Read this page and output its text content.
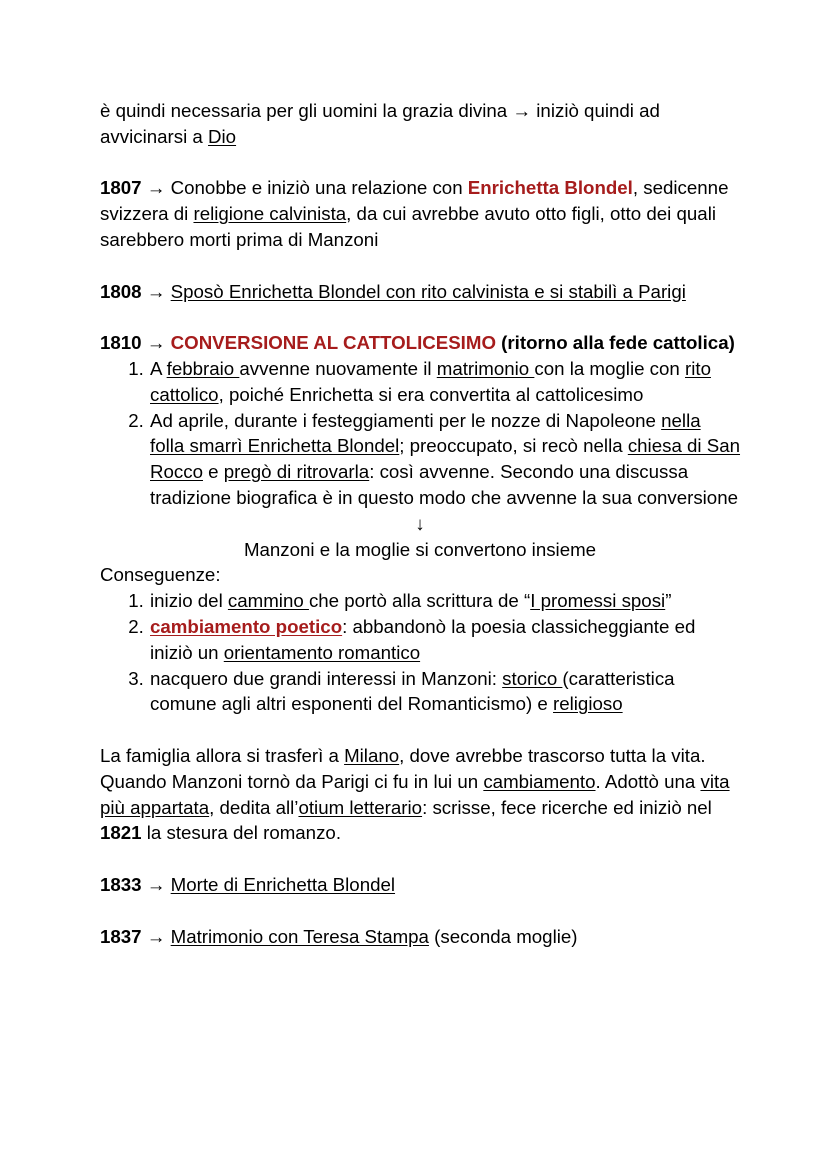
è quindi necessaria per gli uomini la grazia divina → iniziò quindi ad avvicinarsi a Dio

1807 → Conobbe e iniziò una relazione con Enrichetta Blondel, sedicenne svizzera di religione calvinista, da cui avrebbe avuto otto figli, otto dei quali sarebbero morti prima di Manzoni

1808 → Sposò Enrichetta Blondel con rito calvinista e si stabilì a Parigi

1810 → CONVERSIONE AL CATTOLICESIMO (ritorno alla fede cattolica)

1. A febbraio avvenne nuovamente il matrimonio con la moglie con rito cattolico, poiché Enrichetta si era convertita al cattolicesimo
2. Ad aprile, durante i festeggiamenti per le nozze di Napoleone nella folla smarrì Enrichetta Blondel; preoccupato, si recò nella chiesa di San Rocco e pregò di ritrovarla: così avvenne. Secondo una discussa tradizione biografica è in questo modo che avvenne la sua conversione

↓

Manzoni e la moglie si convertono insieme

Conseguenze:

1. inizio del cammino che portò alla scrittura de “I promessi sposi”
2. cambiamento poetico: abbandonò la poesia classicheggiante ed iniziò un orientamento romantico
3. nacquero due grandi interessi in Manzoni: storico (caratteristica comune agli altri esponenti del Romanticismo) e religioso

La famiglia allora si trasferì a Milano, dove avrebbe trascorso tutta la vita. Quando Manzoni tornò da Parigi ci fu in lui un cambiamento. Adottò una vita più appartata, dedita all’otium letterario: scrisse, fece ricerche ed iniziò nel 1821 la stesura del romanzo.

1833 → Morte di Enrichetta Blondel

1837 → Matrimonio con Teresa Stampa (seconda moglie)
